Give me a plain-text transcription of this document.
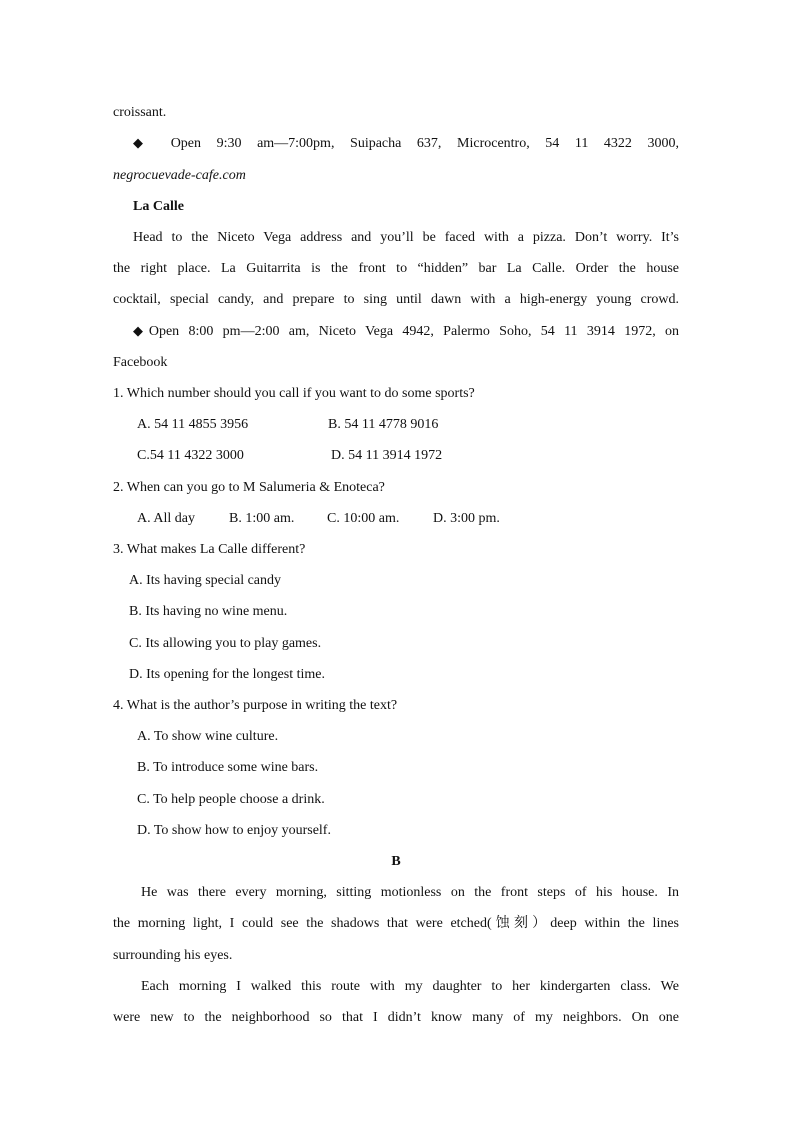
croissant.
◆ Open 9:30 am—7:00pm, Suipacha 637, Microcentro, 54 11 4322 3000,
negrocuevade-cafe.com
La Calle
Head to the Niceto Vega address and you’ll be faced with a pizza. Don’t worry. It’s
the right place. La Guitarrita is the front to “hidden” bar La Calle. Order the house
cocktail, special candy, and prepare to sing until dawn with a high-energy young crowd.
◆Open 8:00 pm—2:00 am, Niceto Vega 4942, Palermo Soho, 54 11 3914 1972, on
Facebook
1. Which number should you call if you want to do some sports?
A. 54 11 4855 3956	B. 54 11 4778 9016
C.54 11 4322 3000	D. 54 11 3914 1972
2. When can you go to M Salumeria & Enoteca?
A. All day B. 1:00 am. C. 10:00 am. D. 3:00 pm.
3. What makes La Calle different?
A. Its having special candy
B. Its having no wine menu.
C. Its allowing you to play games.
D. Its opening for the longest time.
4. What is the author’s purpose in writing the text?
A. To show wine culture.
B. To introduce some wine bars.
C. To help people choose a drink.
D. To show how to enjoy yourself.
B
He was there every morning, sitting motionless on the front steps of his house. In
the morning light, I could see the shadows that were etched(蚀刻）deep within the lines
surrounding his eyes.
Each morning I walked this route with my daughter to her kindergarten class. We
were new to the neighborhood so that I didn’t know many of my neighbors. On one
